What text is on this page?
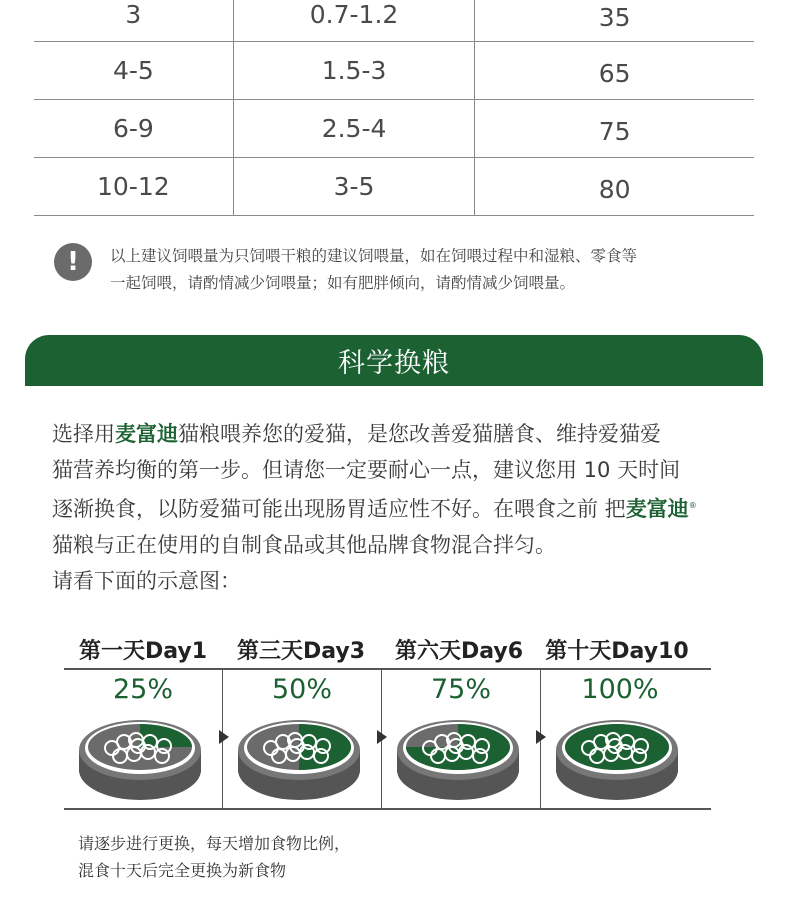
3	0.7-1.2	35
4-5	1.5-3	65
6-9	2.5-4	75
10-12	3-5	80
!	以上建议饲喂量为只饲喂干粮的建议饲喂量，如在饲喂过程中和湿粮、零食等
一起饲喂，请酌情减少饲喂量；如有肥胖倾向，请酌情减少饲喂量。
科学换粮
选择用麦富迪猫粮喂养您的爱猫，是您改善爱猫膳食、维持爱猫爱
猫营养均衡的第一步。但请您一定要耐心一点，建议您用 10 天时间
逐渐换食，以防爱猫可能出现肠胃适应性不好。在喂食之前 把麦富迪®
猫粮与正在使用的自制食品或其他品牌食物混合拌匀。
请看下面的示意图：
第一天Day1	第三天Day3	第六天Day6	第十天Day10
25%	50%	75%	100%
请逐步进行更换，每天增加食物比例，
混食十天后完全更换为新食物
